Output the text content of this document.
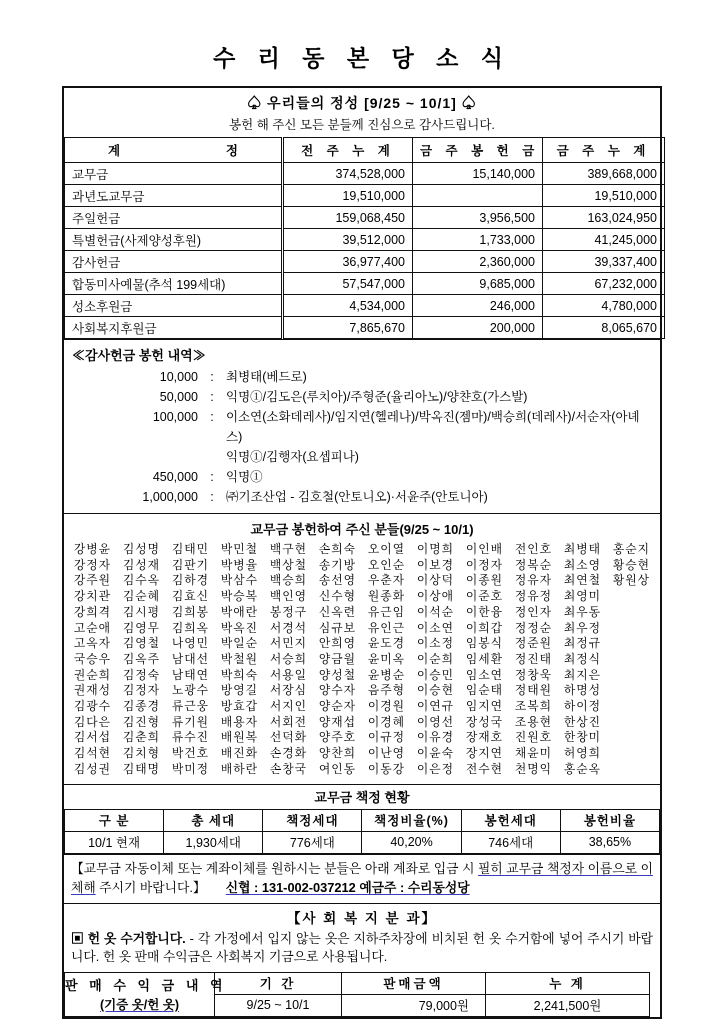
수 리 동 본 당 소 식
♤ 우리들의 정성 [9/25 ~ 10/1] ♤
봉헌 해 주신 모든 분들께 진심으로 감사드립니다.
계 정	전 주 누 계	금 주 봉 헌 금	금 주 누 계
교무금	374,528,000	15,140,000	389,668,000
과년도교무금	19,510,000		19,510,000
주일헌금	159,068,450	3,956,500	163,024,950
특별헌금(사제양성후원)	39,512,000	1,733,000	41,245,000
감사헌금	36,977,400	2,360,000	39,337,400
합동미사예물(추석 199세대)	57,547,000	9,685,000	67,232,000
성소후원금	4,534,000	246,000	4,780,000
사회복지후원금	7,865,670	200,000	8,065,670
≪감사헌금 봉헌 내역≫
10,000 : 최병태(베드로)
50,000 : 익명①/김도은(루치아)/주형준(율리아노)/양챤호(가스발)
100,000 : 이소연(소화데레사)/임지연(헬레나)/박옥진(젬마)/백승희(데레사)/서순자(아녜스)
익명①/김행자(요셉피나)
450,000 : 익명①
1,000,000 : ㈜기조산업 - 김호철(안토니오)·서윤주(안토니아)
교무금 봉헌하여 주신 분들(9/25 ~ 10/1)
강병윤 김성명 김태민 박민철 백구현 손희숙 오이열 이명희 이인배 전인호 최병태 홍순지
강정자 김성재 김판기 박병율 백상철 송기방 오인순 이보경 이정자 정복순 최소영 황승현
강주원 김수옥 김하경 박삼수 백승희 송선영 우춘자 이상덕 이종원 정유자 최연철 황원상
강치관 김순혜 김효신 박승복 백인영 신수형 원종화 이상애 이준호 정유정 최영미
강희격 김시평 김희봉 박애란 봉정구 신옥련 유근임 이석순 이한융 정인자 최우동
고순애 김영무 김희옥 박옥진 서경석 심규보 유인근 이소연 이희갑 정정순 최우정
고옥자 김영철 나영민 박일순 서민지 안희영 윤도경 이소정 임봉식 정준원 최정규
국승우 김옥주 남대선 박철원 서승희 양금월 윤미옥 이순희 임세환 정진태 최정식
권순희 김정숙 남태연 박희숙 서용일 양성철 윤병순 이승민 임소연 정창욱 최지은
권재성 김정자 노광수 방영길 서장심 양수자 음주형 이승현 임순태 정태원 하명성
김광수 김종경 류근웅 방효갑 서지인 양순자 이경원 이연규 임지연 조복희 하이정
김다은 김진형 류기원 배용자 서회전 양재섭 이경혜 이영선 장성국 조용현 한상진
김서섭 김춘희 류수진 배원복 선덕화 양주호 이규정 이유경 장재호 진원호 한창미
김석현 김치형 박건호 배진화 손경화 양찬희 이난영 이윤숙 장지연 채윤미 허영희
김성권 김태명 박미정 배하란 손창국 여인동 이동강 이은정 전수현 천명익 홍순옥
교무금 책정 현황
구 분	총 세대	책정세대	책정비율(%)	봉헌세대	봉헌비율
10/1 현재	1,930세대	776세대	40,20%	746세대	38,65%
【교무금 자동이체 또는 계좌이체를 원하시는 분들은 아래 계좌로 입금 시 필히 교무금 책정자 이름으로 이체해 주시기 바랍니다.】 신협 : 131-002-037212 예금주 : 수리동성당
【사 회 복 지 분 과】
▣ 헌 옷 수거합니다. - 각 가정에서 입지 않는 옷은 지하주차장에 비치된 헌 옷 수거함에 넣어 주시기 바랍니다. 헌 옷 판매 수익금은 사회복지 기금으로 사용됩니다.
판 매 수 익 금 내 역
(기증 옷/헌 옷)	기 간	판매금액	누 계
	9/25 ~ 10/1	79,000원	2,241,500원
